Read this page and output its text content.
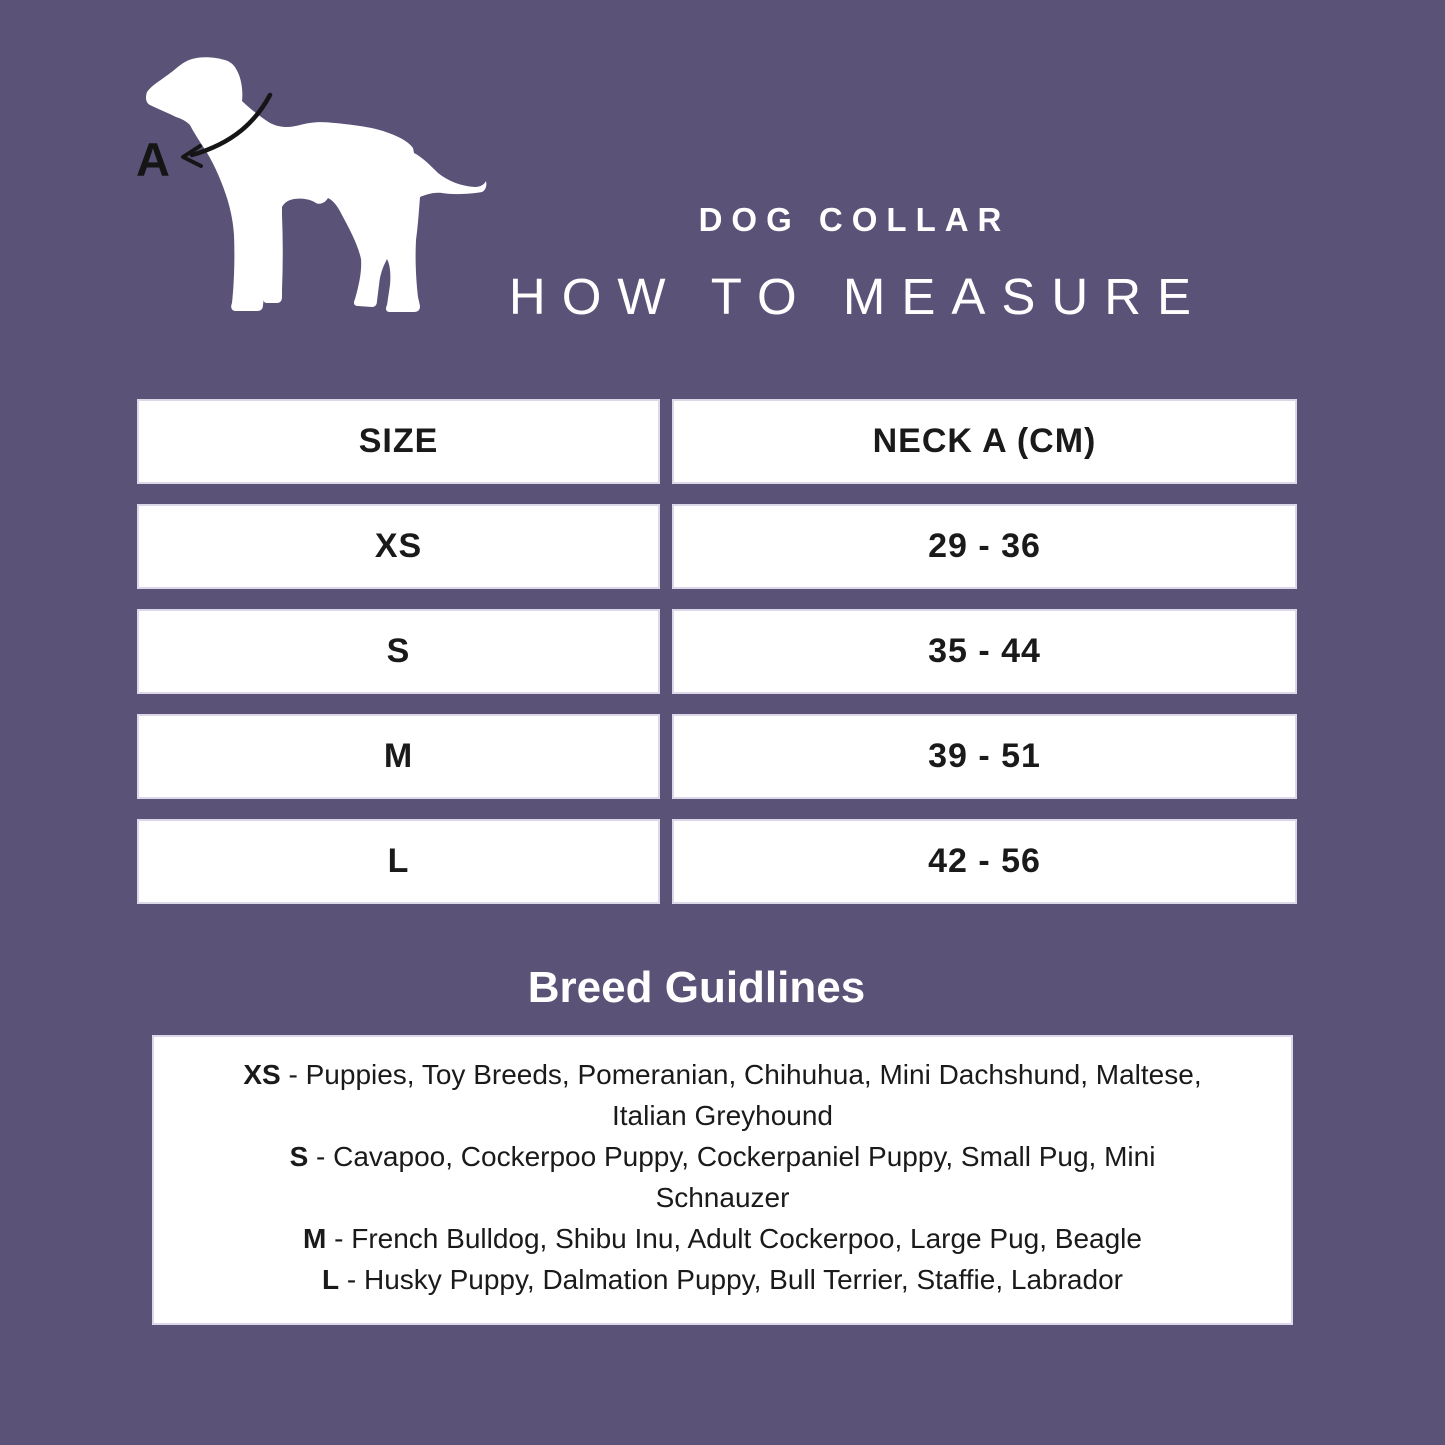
A
DOG COLLAR
HOW TO MEASURE
SIZE	NECK A (CM)
XS	29 - 36
S	35 - 44
M	39 - 51
L	42 - 56
Breed Guidlines

XS - Puppies, Toy Breeds, Pomeranian, Chihuhua, Mini Dachshund, Maltese, Italian Greyhound

S - Cavapoo, Cockerpoo Puppy, Cockerpaniel Puppy, Small Pug, Mini Schnauzer

M - French Bulldog, Shibu Inu, Adult Cockerpoo, Large Pug, Beagle

L - Husky Puppy, Dalmation Puppy, Bull Terrier, Staffie, Labrador
